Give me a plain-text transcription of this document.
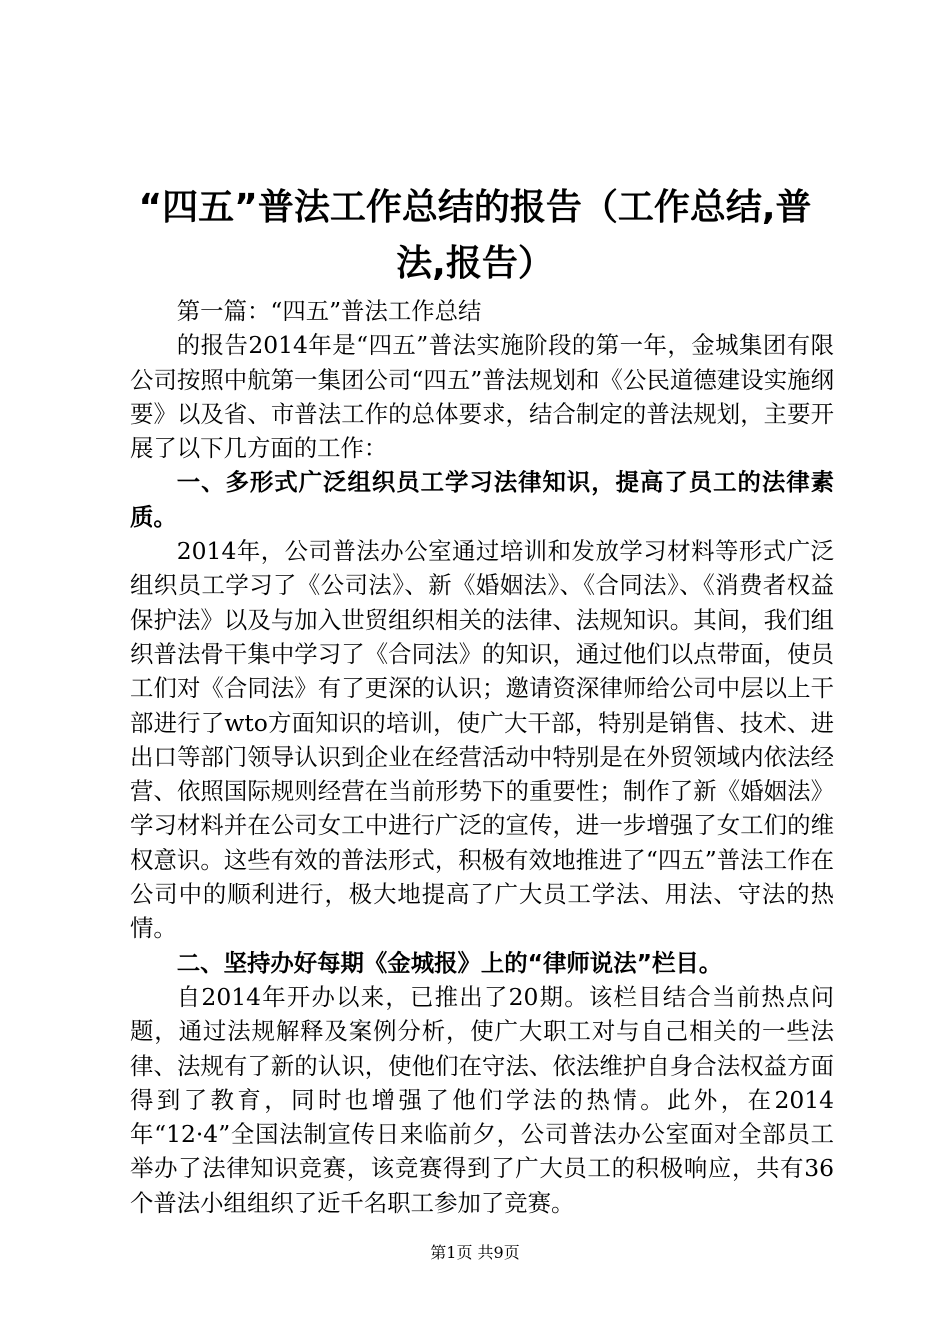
“四五”普法工作总结的报告（工作总结,普
法,报告）

第一篇：“四五”普法工作总结

的报告2014年是“四五”普法实施阶段的第一年，金城集团有限公司按照中航第一集团公司“四五”普法规划和《公民道德建设实施纲要》以及省、市普法工作的总体要求，结合制定的普法规划，主要开展了以下几方面的工作：

一、多形式广泛组织员工学习法律知识，提高了员工的法律素质。

2014年，公司普法办公室通过培训和发放学习材料等形式广泛组织员工学习了《公司法》、新《婚姻法》、《合同法》、《消费者权益保护法》以及与加入世贸组织相关的法律、法规知识。其间，我们组织普法骨干集中学习了《合同法》的知识，通过他们以点带面，使员工们对《合同法》有了更深的认识；邀请资深律师给公司中层以上干部进行了wto方面知识的培训，使广大干部，特别是销售、技术、进出口等部门领导认识到企业在经营活动中特别是在外贸领域内依法经营、依照国际规则经营在当前形势下的重要性；制作了新《婚姻法》学习材料并在公司女工中进行广泛的宣传，进一步增强了女工们的维权意识。这些有效的普法形式，积极有效地推进了“四五”普法工作在公司中的顺利进行，极大地提高了广大员工学法、用法、守法的热情。

二、坚持办好每期《金城报》上的“律师说法”栏目。

自2014年开办以来，已推出了20期。该栏目结合当前热点问题，通过法规解释及案例分析，使广大职工对与自己相关的一些法律、法规有了新的认识，使他们在守法、依法维护自身合法权益方面得到了教育，同时也增强了他们学法的热情。此外，在2014年“12·4”全国法制宣传日来临前夕，公司普法办公室面对全部员工举办了法律知识竞赛，该竞赛得到了广大员工的积极响应，共有36个普法小组组织了近千名职工参加了竞赛。

第1页 共9页
